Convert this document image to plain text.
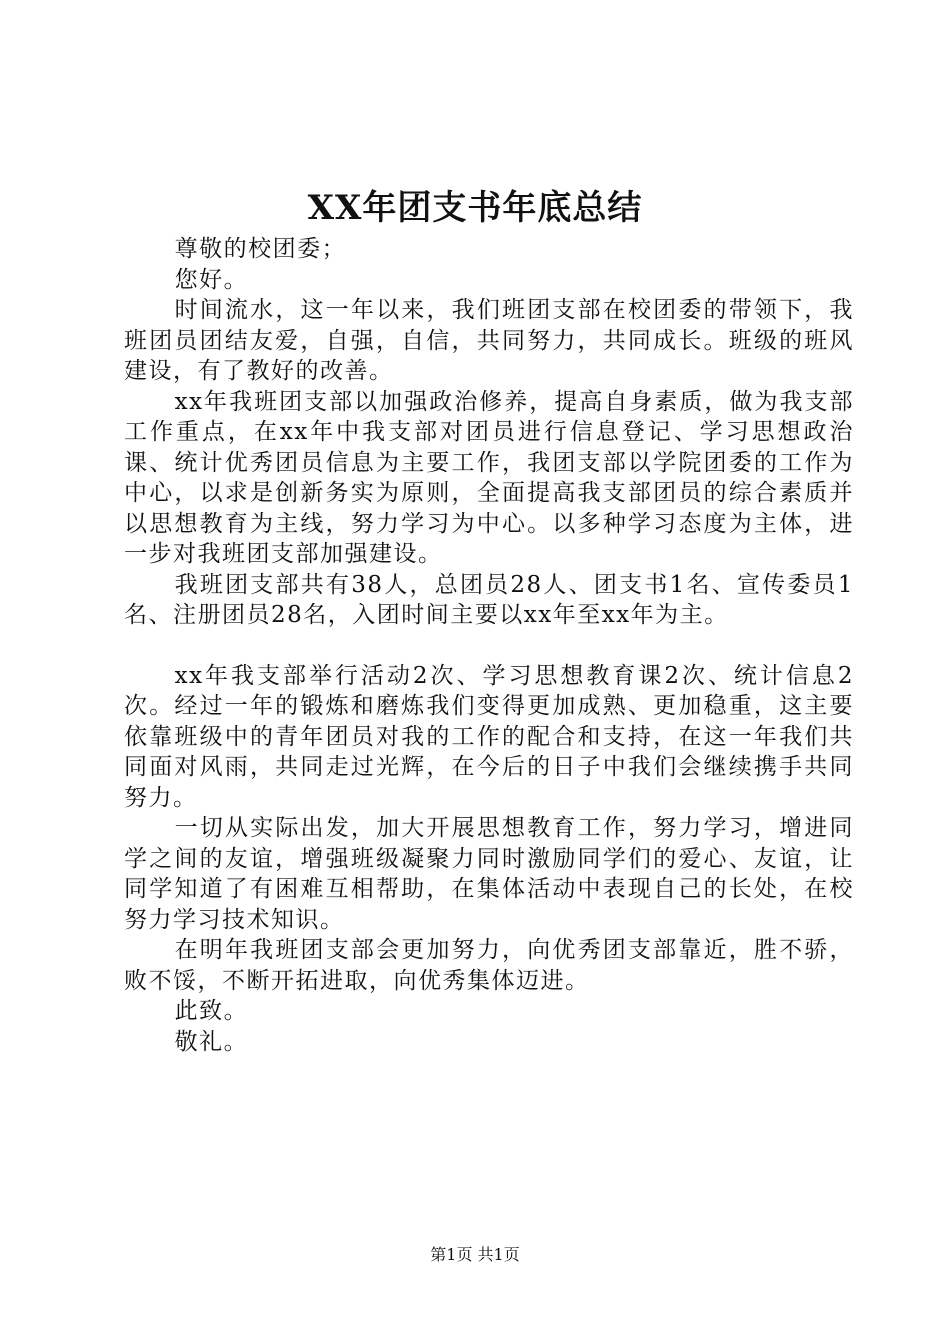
XX年团支书年底总结

尊敬的校团委；

您好。

时间流水，这一年以来，我们班团支部在校团委的带领下，我班团员团结友爱，自强，自信，共同努力，共同成长。班级的班风建设，有了教好的改善。

xx年我班团支部以加强政治修养，提高自身素质，做为我支部工作重点，在xx年中我支部对团员进行信息登记、学习思想政治课、统计优秀团员信息为主要工作，我团支部以学院团委的工作为中心，以求是创新务实为原则，全面提高我支部团员的综合素质并以思想教育为主线，努力学习为中心。以多种学习态度为主体，进一步对我班团支部加强建设。

我班团支部共有38人，总团员28人、团支书1名、宣传委员1名、注册团员28名，入团时间主要以xx年至xx年为主。

xx年我支部举行活动2次、学习思想教育课2次、统计信息2次。经过一年的锻炼和磨炼我们变得更加成熟、更加稳重，这主要依靠班级中的青年团员对我的工作的配合和支持，在这一年我们共同面对风雨，共同走过光辉，在今后的日子中我们会继续携手共同努力。

一切从实际出发，加大开展思想教育工作，努力学习，增进同学之间的友谊，增强班级凝聚力同时激励同学们的爱心、友谊，让同学知道了有困难互相帮助，在集体活动中表现自己的长处，在校努力学习技术知识。

在明年我班团支部会更加努力，向优秀团支部靠近，胜不骄，败不馁，不断开拓进取，向优秀集体迈进。

此致。

敬礼。

第1页 共1页
